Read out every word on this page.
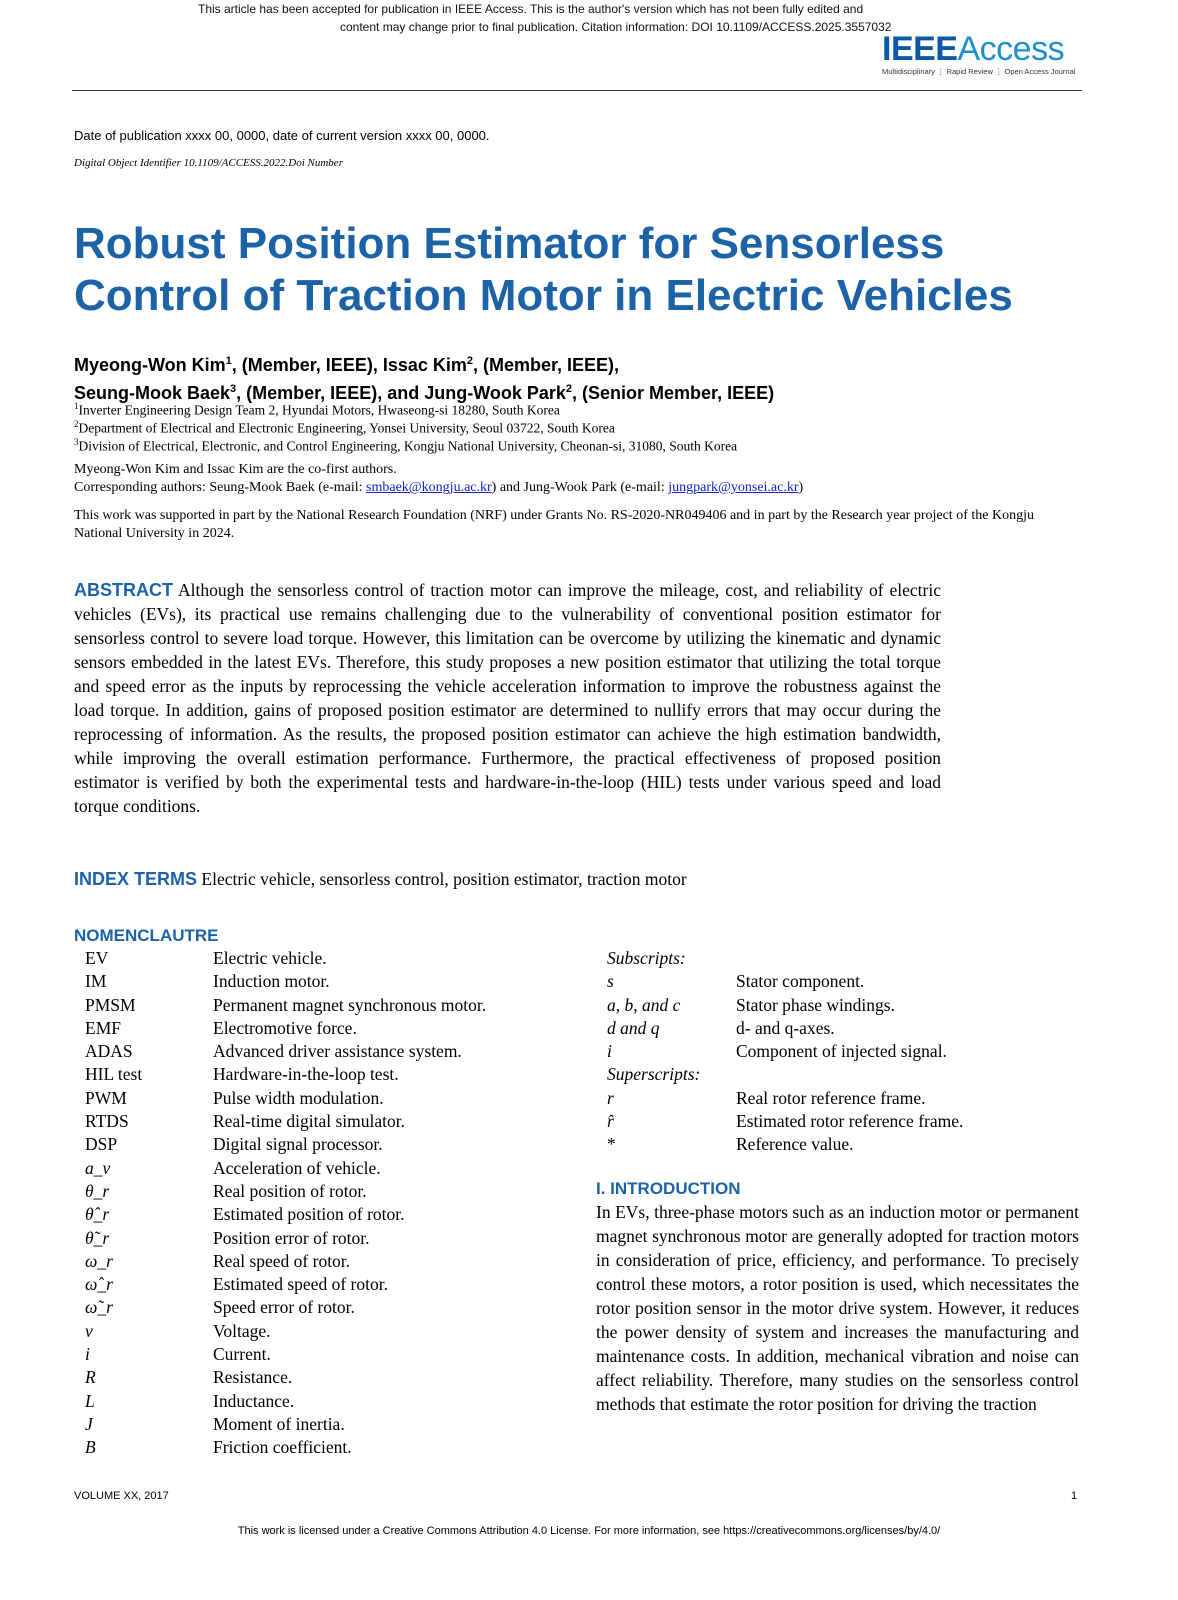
This article has been accepted for publication in IEEE Access. This is the author's version which has not been fully edited and
content may change prior to final publication. Citation information: DOI 10.1109/ACCESS.2025.3557032
IEEEAccess
Multidisciplinary ⋮ Rapid Review ⋮ Open Access Journal
Date of publication xxxx 00, 0000, date of current version xxxx 00, 0000.
Digital Object Identifier 10.1109/ACCESS.2022.Doi Number
Robust Position Estimator for Sensorless
Control of Traction Motor in Electric Vehicles
Myeong-Won Kim$^1$, (Member, IEEE), Issac Kim$^2$, (Member, IEEE),
Seung-Mook Baek$^3$, (Member, IEEE), and Jung-Wook Park$^2$, (Senior Member, IEEE)
$^1$Inverter Engineering Design Team 2, Hyundai Motors, Hwaseong-si 18280, South Korea
$^2$Department of Electrical and Electronic Engineering, Yonsei University, Seoul 03722, South Korea
$^3$Division of Electrical, Electronic, and Control Engineering, Kongju National University, Cheonan-si, 31080, South Korea
Myeong-Won Kim and Issac Kim are the co-first authors.
Corresponding authors: Seung-Mook Baek (e-mail: smbaek@kongju.ac.kr) and Jung-Wook Park (e-mail: jungpark@yonsei.ac.kr)
This work was supported in part by the National Research Foundation (NRF) under Grants No. RS-2020-NR049406 and in part by the Research year project of the Kongju National University in 2024.
ABSTRACT Although the sensorless control of traction motor can improve the mileage, cost, and reliability of electric vehicles (EVs), its practical use remains challenging due to the vulnerability of conventional position estimator for sensorless control to severe load torque. However, this limitation can be overcome by utilizing the kinematic and dynamic sensors embedded in the latest EVs. Therefore, this study proposes a new position estimator that utilizing the total torque and speed error as the inputs by reprocessing the vehicle acceleration information to improve the robustness against the load torque. In addition, gains of proposed position estimator are determined to nullify errors that may occur during the reprocessing of information. As the results, the proposed position estimator can achieve the high estimation bandwidth, while improving the overall estimation performance. Furthermore, the practical effectiveness of proposed position estimator is verified by both the experimental tests and hardware-in-the-loop (HIL) tests under various speed and load torque conditions.
INDEX TERMS Electric vehicle, sensorless control, position estimator, traction motor
NOMENCLAUTRE
EV	Electric vehicle.
IM	Induction motor.
PMSM	Permanent magnet synchronous motor.
EMF	Electromotive force.
ADAS	Advanced driver assistance system.
HIL test	Hardware-in-the-loop test.
PWM	Pulse width modulation.
RTDS	Real-time digital simulator.
DSP	Digital signal processor.
a_v	Acceleration of vehicle.
θ_r	Real position of rotor.
θ̂_r	Estimated position of rotor.
θ̃_r	Position error of rotor.
ω_r	Real speed of rotor.
ω̂_r	Estimated speed of rotor.
ω̃_r	Speed error of rotor.
v	Voltage.
i	Current.
R	Resistance.
L	Inductance.
J	Moment of inertia.
B	Friction coefficient.
Subscripts:
s	Stator component.
a, b, and c	Stator phase windings.
d and q	d- and q-axes.
i	Component of injected signal.
Superscripts:
r	Real rotor reference frame.
r̂	Estimated rotor reference frame.
*	Reference value.
I. INTRODUCTION
In EVs, three-phase motors such as an induction motor or permanent magnet synchronous motor are generally adopted for traction motors in consideration of price, efficiency, and performance. To precisely control these motors, a rotor position is used, which necessitates the rotor position sensor in the motor drive system. However, it reduces the power density of system and increases the manufacturing and maintenance costs. In addition, mechanical vibration and noise can affect reliability. Therefore, many studies on the sensorless control methods that estimate the rotor position for driving the traction
VOLUME XX, 2017	1
This work is licensed under a Creative Commons Attribution 4.0 License. For more information, see https://creativecommons.org/licenses/by/4.0/
